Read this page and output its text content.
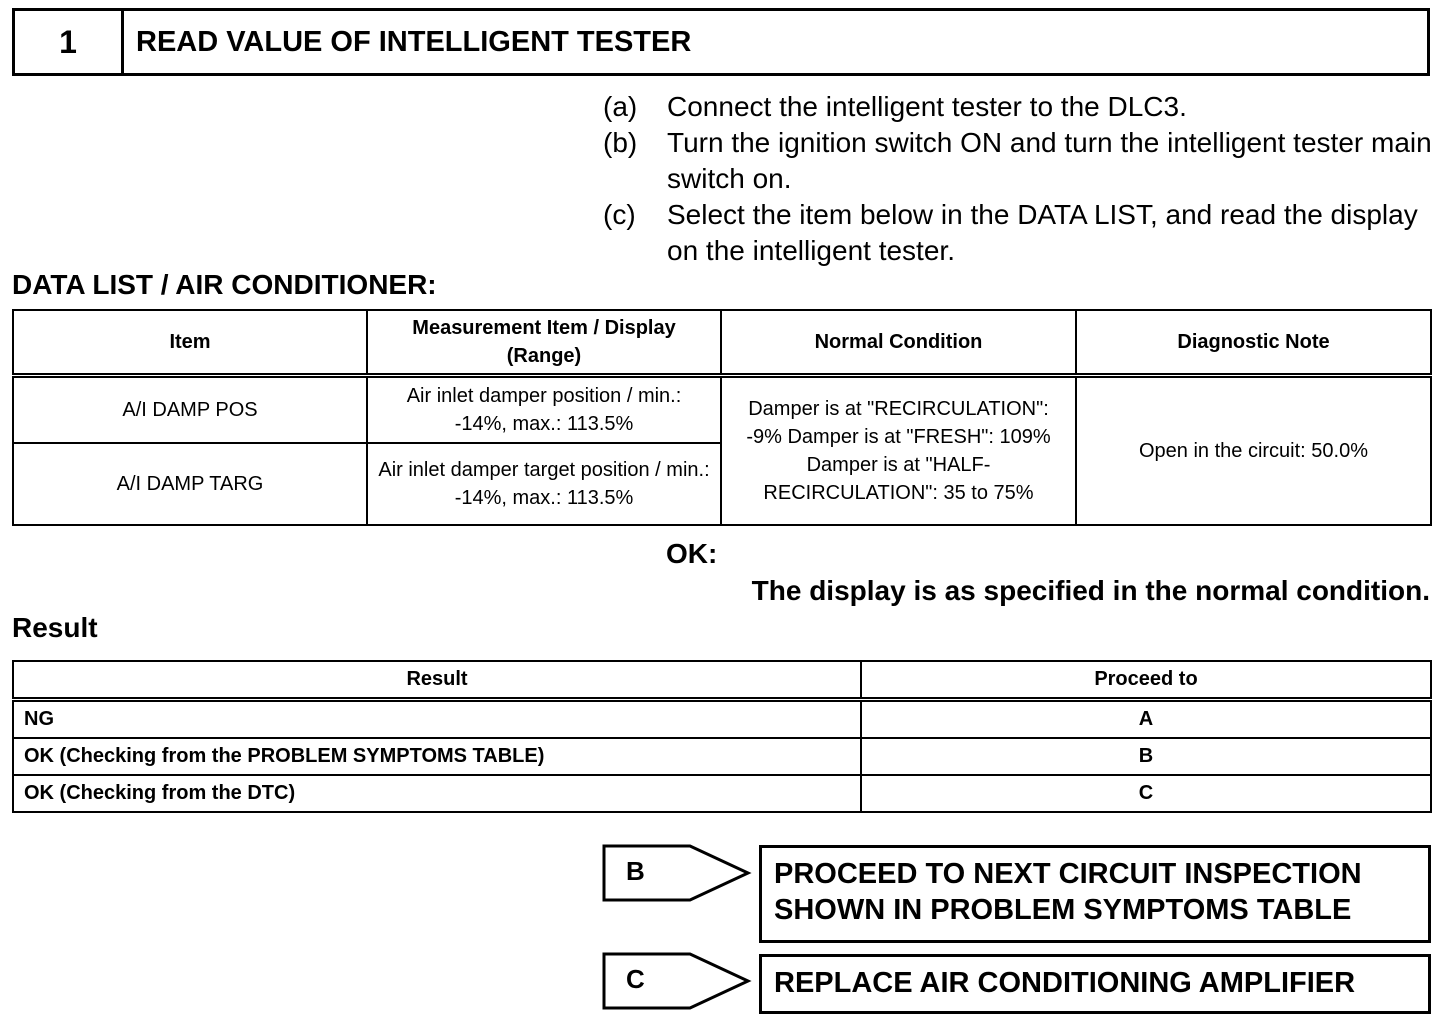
1	READ VALUE OF INTELLIGENT TESTER
(a)	Connect the intelligent tester to the DLC3.
(b)	Turn the ignition switch ON and turn the intelligent tester main switch on.
(c)	Select the item below in the DATA LIST, and read the display on the intelligent tester.
DATA LIST / AIR CONDITIONER:
Item	Measurement Item / Display (Range)	Normal Condition	Diagnostic Note
A/I DAMP POS	Air inlet damper position / min.: -14%, max.: 113.5%	Damper is at "RECIRCULATION": -9% Damper is at "FRESH": 109% Damper is at "HALF-RECIRCULATION": 35 to 75%	Open in the circuit: 50.0%
A/I DAMP TARG	Air inlet damper target position / min.: -14%, max.: 113.5%		
OK:
The display is as specified in the normal condition.
Result
Result	Proceed to
NG	A
OK (Checking from the PROBLEM SYMPTOMS TABLE)	B
OK (Checking from the DTC)	C
B	PROCEED TO NEXT CIRCUIT INSPECTION SHOWN IN PROBLEM SYMPTOMS TABLE
C	REPLACE AIR CONDITIONING AMPLIFIER
